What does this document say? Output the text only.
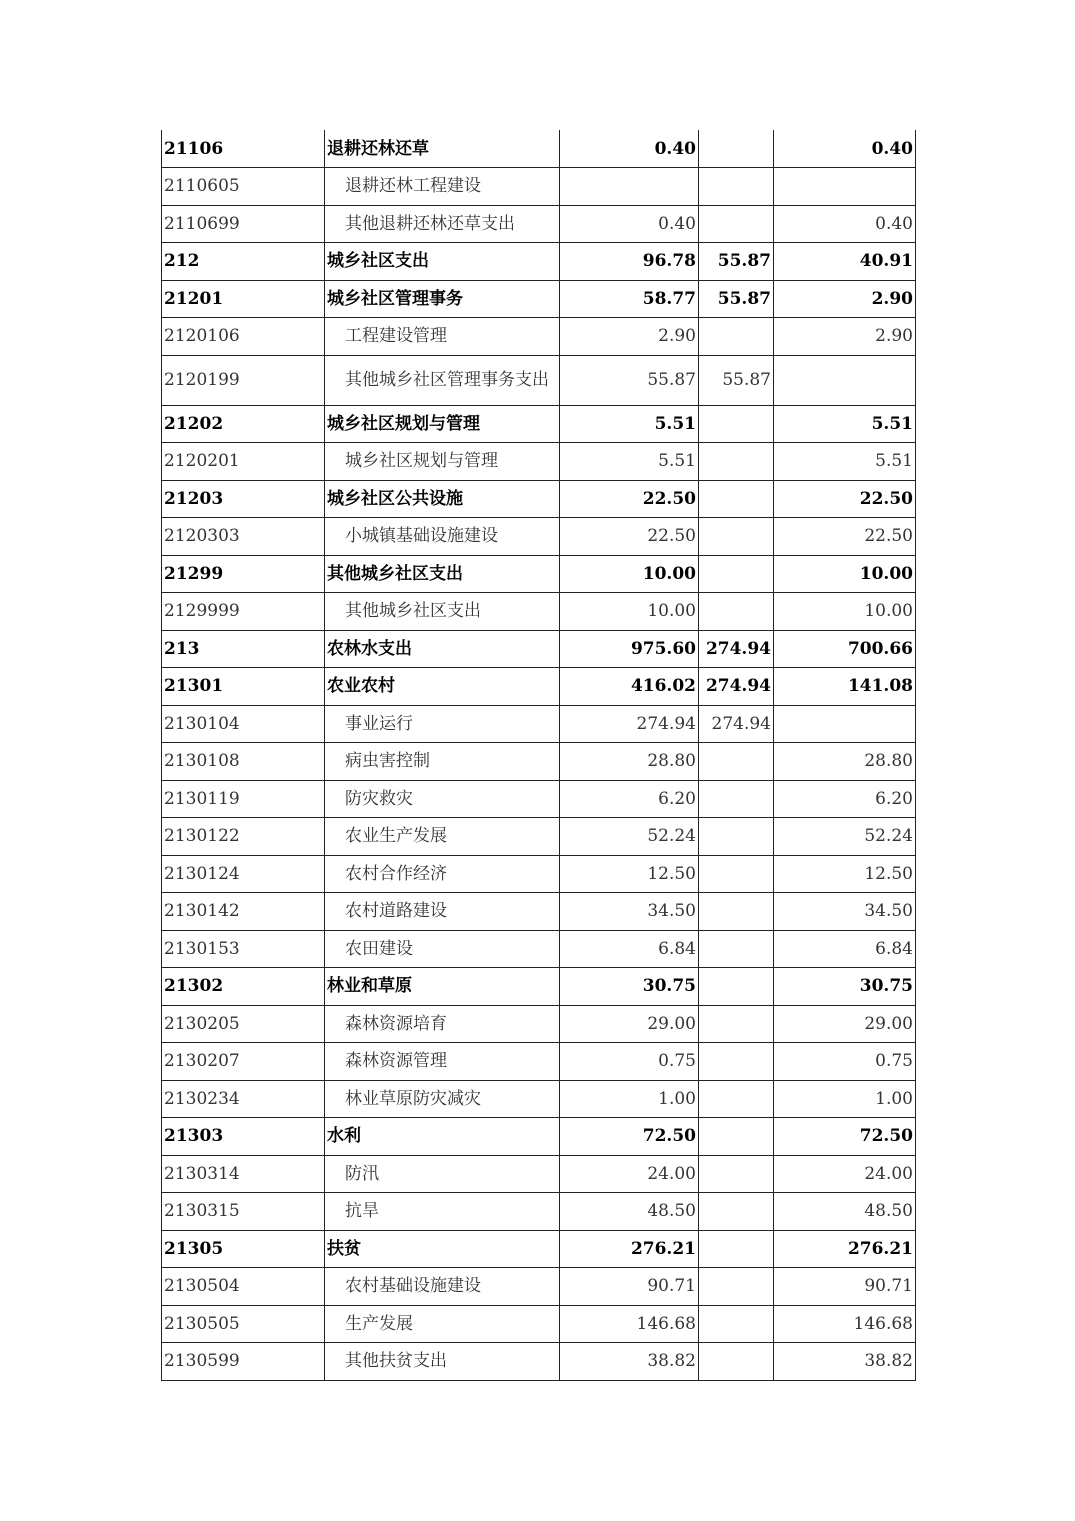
21106	退耕还林还草	0.40		0.40
2110605	退耕还林工程建设			
2110699	其他退耕还林还草支出	0.40		0.40
212	城乡社区支出	96.78	55.87	40.91
21201	城乡社区管理事务	58.77	55.87	2.90
2120106	工程建设管理	2.90		2.90
2120199	其他城乡社区管理事务支出	55.87	55.87	
21202	城乡社区规划与管理	5.51		5.51
2120201	城乡社区规划与管理	5.51		5.51
21203	城乡社区公共设施	22.50		22.50
2120303	小城镇基础设施建设	22.50		22.50
21299	其他城乡社区支出	10.00		10.00
2129999	其他城乡社区支出	10.00		10.00
213	农林水支出	975.60	274.94	700.66
21301	农业农村	416.02	274.94	141.08
2130104	事业运行	274.94	274.94	
2130108	病虫害控制	28.80		28.80
2130119	防灾救灾	6.20		6.20
2130122	农业生产发展	52.24		52.24
2130124	农村合作经济	12.50		12.50
2130142	农村道路建设	34.50		34.50
2130153	农田建设	6.84		6.84
21302	林业和草原	30.75		30.75
2130205	森林资源培育	29.00		29.00
2130207	森林资源管理	0.75		0.75
2130234	林业草原防灾减灾	1.00		1.00
21303	水利	72.50		72.50
2130314	防汛	24.00		24.00
2130315	抗旱	48.50		48.50
21305	扶贫	276.21		276.21
2130504	农村基础设施建设	90.71		90.71
2130505	生产发展	146.68		146.68
2130599	其他扶贫支出	38.82		38.82
